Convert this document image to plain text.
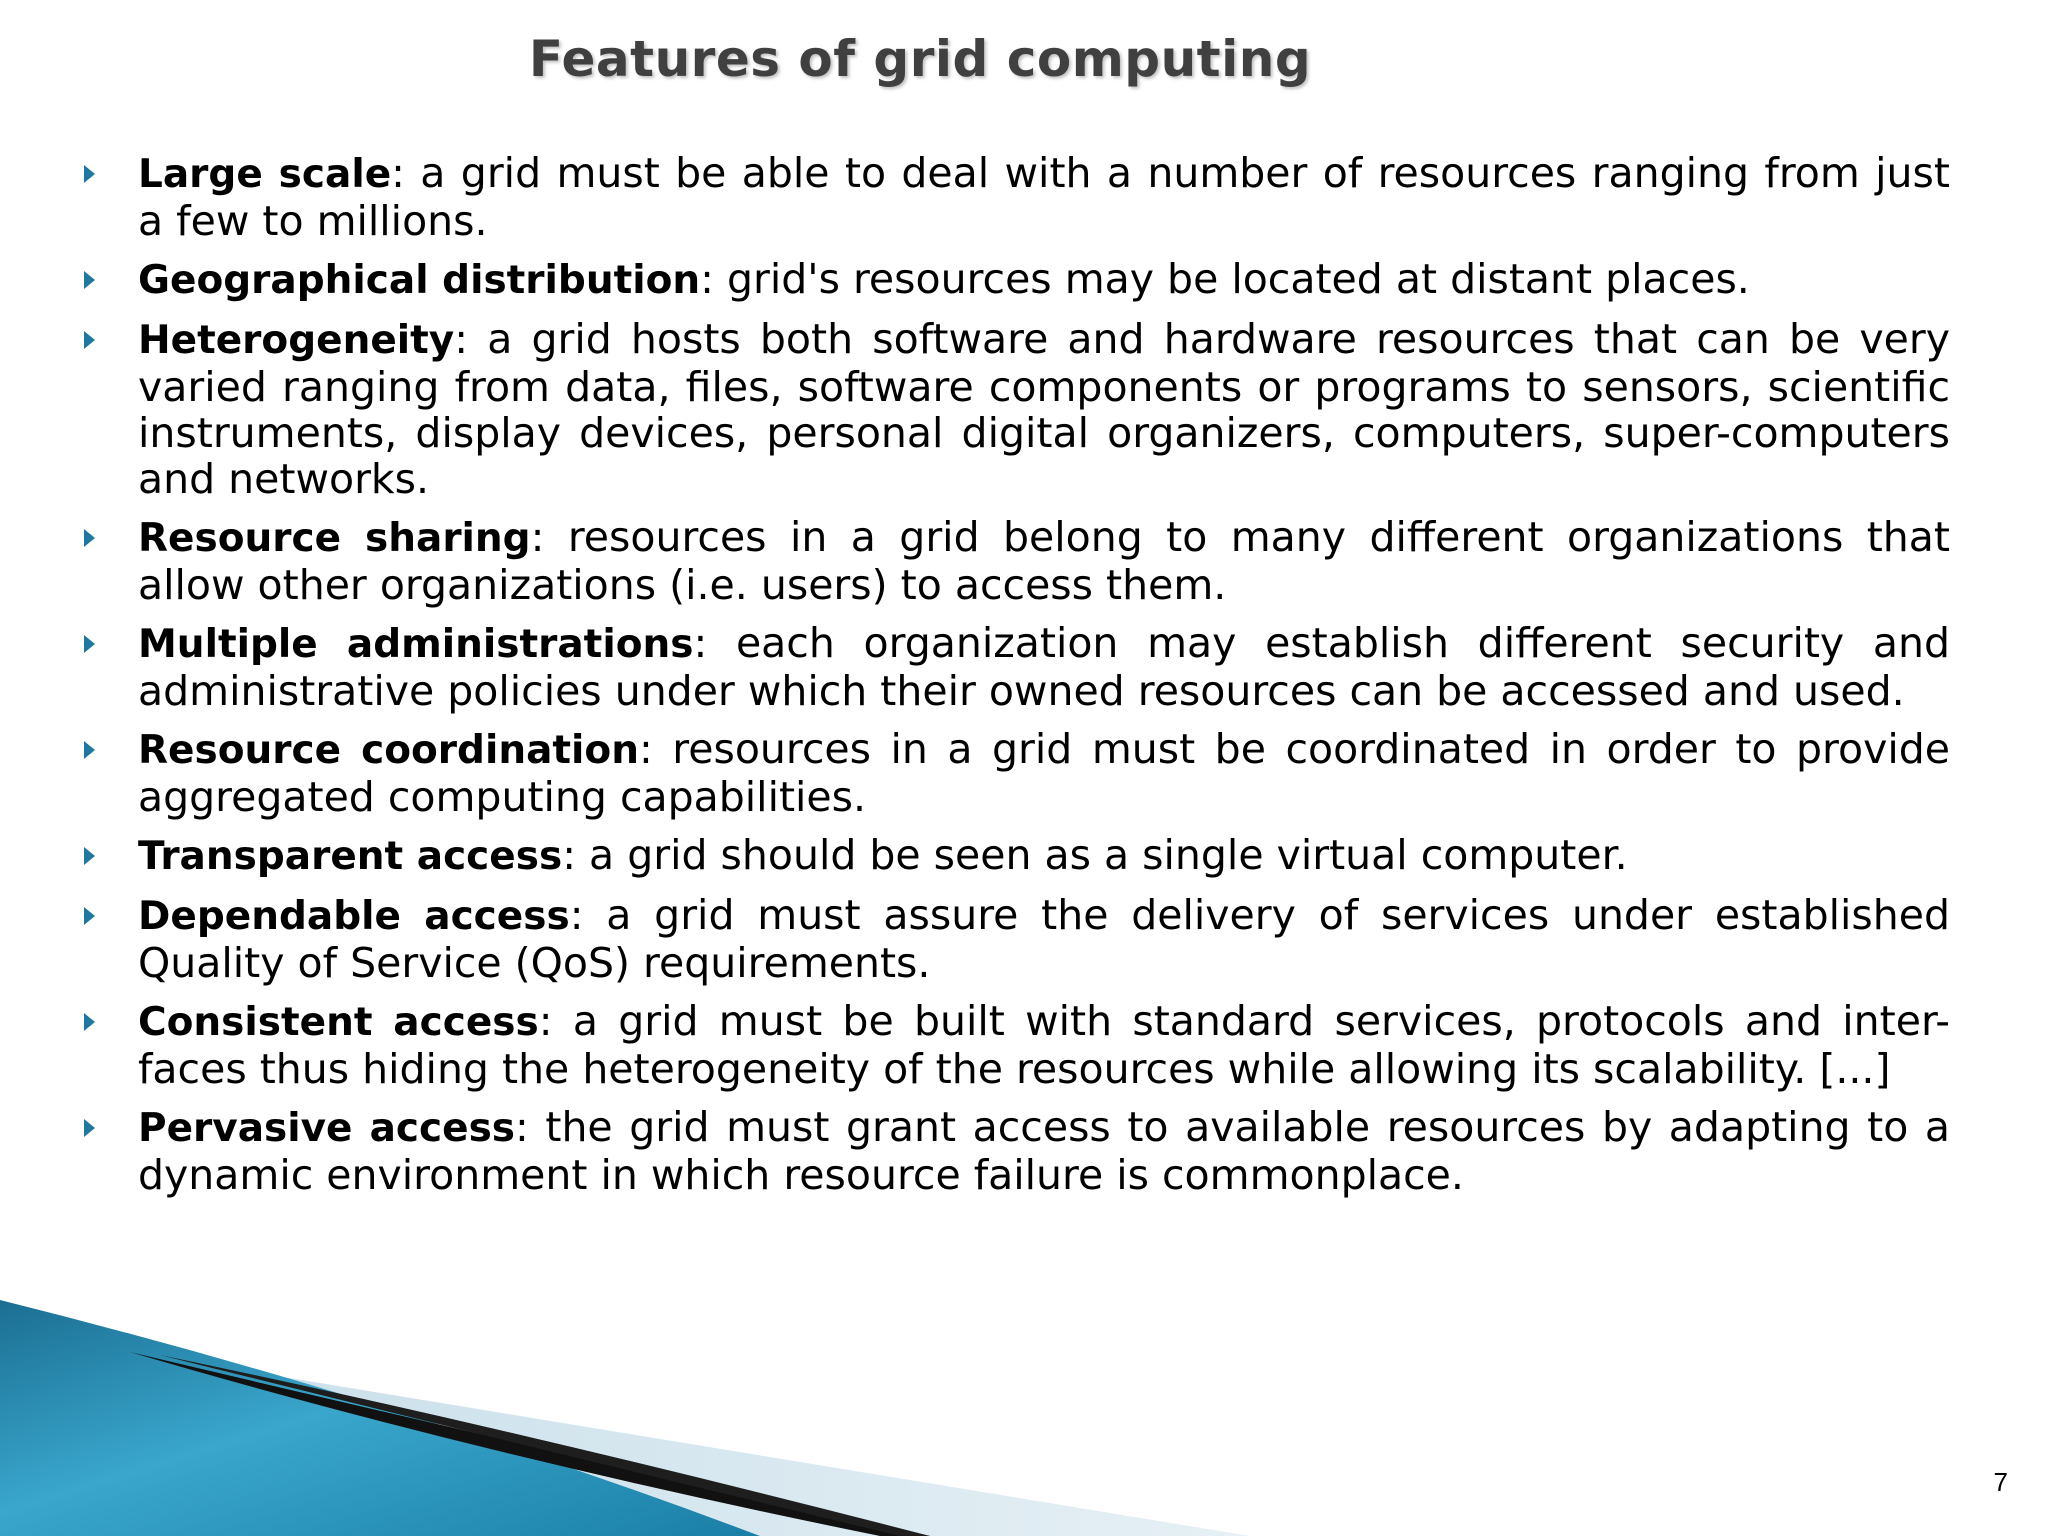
Features of grid computing
Large scale: a grid must be able to deal with a number of resources ranging from just a few to millions.
Geographical distribution: grid's resources may be located at distant places.
Heterogeneity: a grid hosts both software and hardware resources that can be very varied ranging from data, files, software components or programs to sensors, scientific instruments, display devices, personal digital organizers, computers, super-computers and networks.
Resource sharing: resources in a grid belong to many different organizations that allow other organizations (i.e. users) to access them.
Multiple administrations: each organization may establish different security and administrative policies under which their owned resources can be accessed and used.
Resource coordination: resources in a grid must be coordinated in order to provide aggregated computing capabilities.
Transparent access: a grid should be seen as a single virtual computer.
Dependable access: a grid must assure the delivery of services under established Quality of Service (QoS) requirements.
Consistent access: a grid must be built with standard services, protocols and inter-faces thus hiding the heterogeneity of the resources while allowing its scalability. [...]
Pervasive access: the grid must grant access to available resources by adapting to a dynamic environment in which resource failure is commonplace.
7
